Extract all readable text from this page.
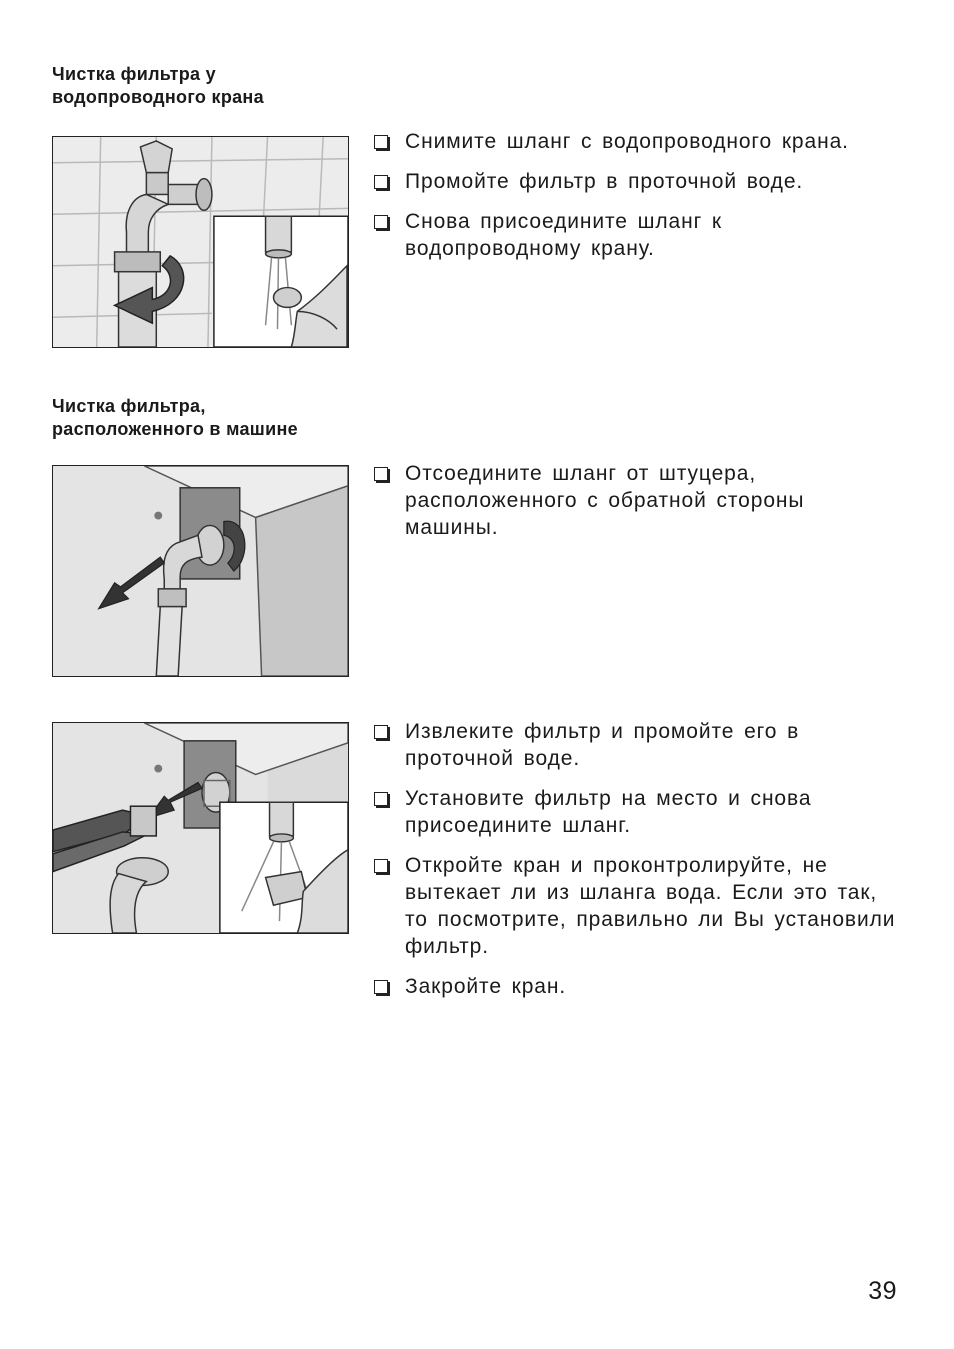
Чистка фильтра у
водопроводного крана
Снимите шланг с водопроводного крана.
Промойте фильтр в проточной воде.
Снова присоедините шланг к водопроводному крану.
Чистка фильтра,
расположенного в машине
Отсоедините шланг от штуцера, расположенного с обратной стороны машины.
Извлеките фильтр и промойте его в проточной воде.
Установите фильтр на место и снова присоедините шланг.
Откройте кран и проконтролируйте, не вытекает ли из шланга вода. Если это так, то посмотрите, правильно ли Вы установили фильтр.
Закройте кран.
39
